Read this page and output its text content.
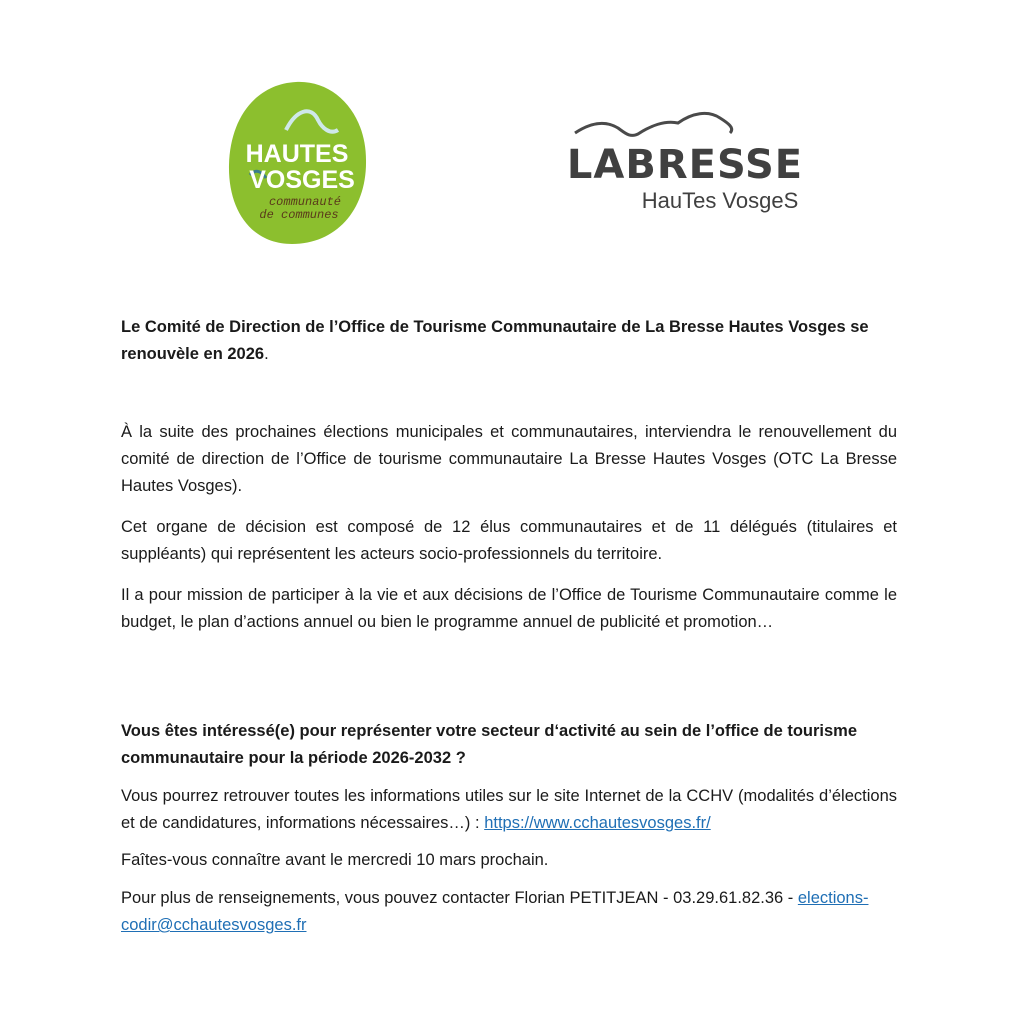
HAUTES
VOSGES
communauté
de communes
LABRESSE
HauTes VosgeS

Le Comité de Direction de l’Office de Tourisme Communautaire de La Bresse Hautes Vosges se renouvèle en 2026.

À la suite des prochaines élections municipales et communautaires, interviendra le renouvellement du comité de direction de l’Office de tourisme communautaire La Bresse Hautes Vosges (OTC La Bresse Hautes Vosges).

Cet organe de décision est composé de 12 élus communautaires et de 11 délégués (titulaires et suppléants) qui représentent les acteurs socio-professionnels du territoire.

Il a pour mission de participer à la vie et aux décisions de l’Office de Tourisme Communautaire comme le budget, le plan d’actions annuel ou bien le programme annuel de publicité et promotion…

Vous êtes intéressé(e) pour représenter votre secteur d‘activité au sein de l’office de tourisme communautaire pour la période 2026-2032 ?

Vous pourrez retrouver toutes les informations utiles sur le site Internet de la CCHV (modalités d’élections et de candidatures, informations nécessaires…) : https://www.cchautesvosges.fr/

Faîtes-vous connaître avant le mercredi 10 mars prochain.

Pour plus de renseignements, vous pouvez contacter Florian PETITJEAN - 03.29.61.82.36 - elections-codir@cchautesvosges.fr
